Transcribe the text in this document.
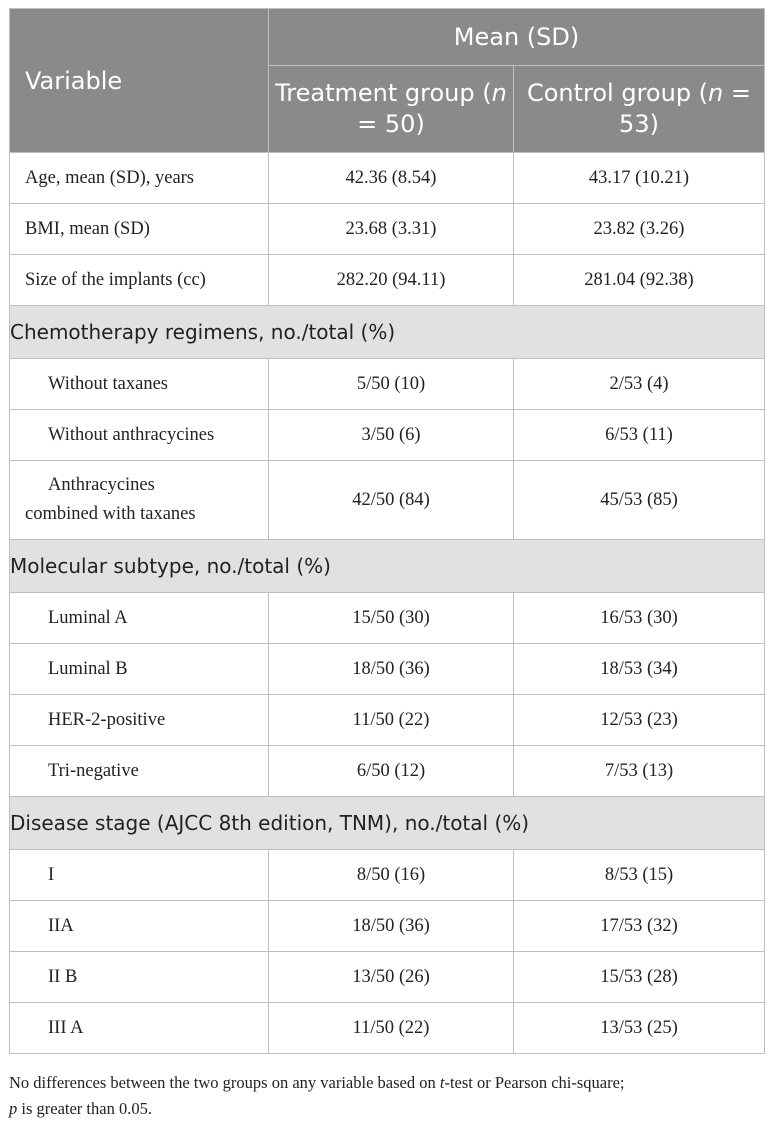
Variable	Mean (SD)	
	Treatment group (n = 50)	Control group (n = 53)
Age, mean (SD), years	42.36 (8.54)	43.17 (10.21)
BMI, mean (SD)	23.68 (3.31)	23.82 (3.26)
Size of the implants (cc)	282.20 (94.11)	281.04 (92.38)
Chemotherapy regimens, no./total (%)		
Without taxanes	5/50 (10)	2/53 (4)
Without anthracycines	3/50 (6)	6/53 (11)
Anthracycines
combined with taxanes	42/50 (84)	45/53 (85)
Molecular subtype, no./total (%)		
Luminal A	15/50 (30)	16/53 (30)
Luminal B	18/50 (36)	18/53 (34)
HER-2-positive	11/50 (22)	12/53 (23)
Tri-negative	6/50 (12)	7/53 (13)
Disease stage (AJCC 8th edition, TNM), no./total (%)		
I	8/50 (16)	8/53 (15)
IIA	18/50 (36)	17/53 (32)
II B	13/50 (26)	15/53 (28)
III A	11/50 (22)	13/53 (25)
No differences between the two groups on any variable based on t-test or Pearson chi-square;
p is greater than 0.05.
